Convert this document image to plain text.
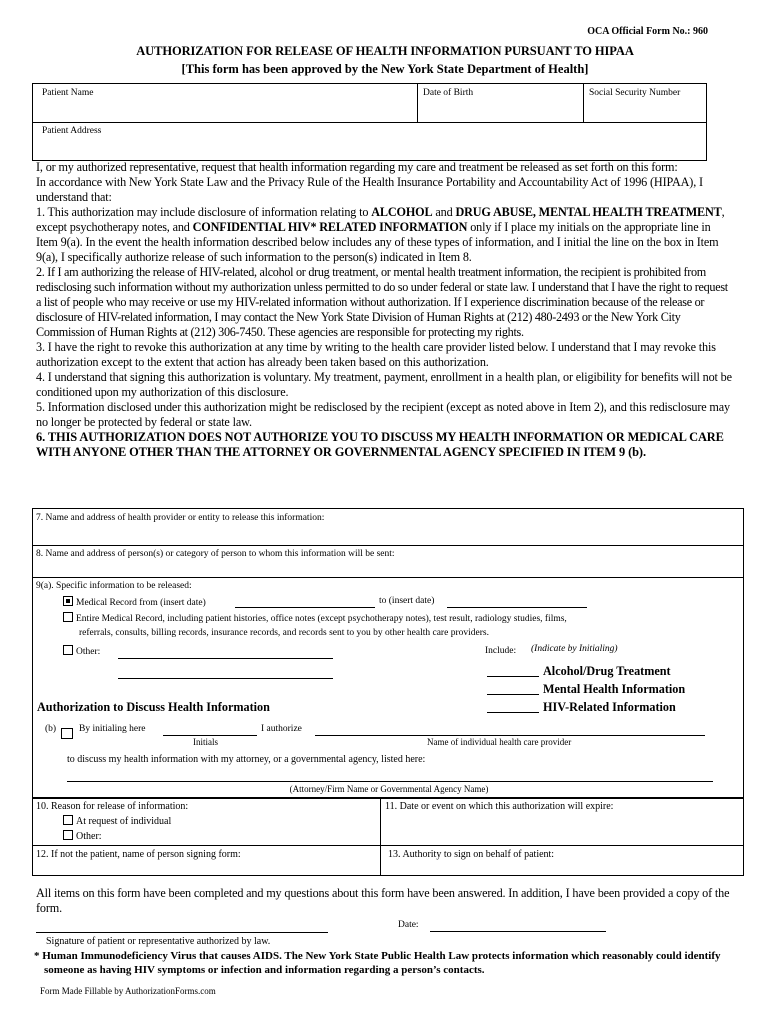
OCA Official Form No.: 960
AUTHORIZATION FOR RELEASE OF HEALTH INFORMATION PURSUANT TO HIPAA
[This form has been approved by the New York State Department of Health]
Patient Name	Date of Birth	Social Security Number
Patient Address

I, or my authorized representative, request that health information regarding my care and treatment be released as set forth on this form:

In accordance with New York State Law and the Privacy Rule of the Health Insurance Portability and Accountability Act of 1996 (HIPAA), I understand that:

1. This authorization may include disclosure of information relating to ALCOHOL and DRUG ABUSE, MENTAL HEALTH TREATMENT, except psychotherapy notes, and CONFIDENTIAL HIV* RELATED INFORMATION only if I place my initials on the appropriate line in Item 9(a). In the event the health information described below includes any of these types of information, and I initial the line on the box in Item 9(a), I specifically authorize release of such information to the person(s) indicated in Item 8.

2. If I am authorizing the release of HIV-related, alcohol or drug treatment, or mental health treatment information, the recipient is prohibited from redisclosing such information without my authorization unless permitted to do so under federal or state law. I understand that I have the right to request a list of people who may receive or use my HIV-related information without authorization. If I experience discrimination because of the release or disclosure of HIV-related information, I may contact the New York State Division of Human Rights at (212) 480-2493 or the New York City Commission of Human Rights at (212) 306-7450. These agencies are responsible for protecting my rights.

3. I have the right to revoke this authorization at any time by writing to the health care provider listed below. I understand that I may revoke this authorization except to the extent that action has already been taken based on this authorization.

4. I understand that signing this authorization is voluntary. My treatment, payment, enrollment in a health plan, or eligibility for benefits will not be conditioned upon my authorization of this disclosure.

5. Information disclosed under this authorization might be redisclosed by the recipient (except as noted above in Item 2), and this redisclosure may no longer be protected by federal or state law.

6. THIS AUTHORIZATION DOES NOT AUTHORIZE YOU TO DISCUSS MY HEALTH INFORMATION OR MEDICAL CARE WITH ANYONE OTHER THAN THE ATTORNEY OR GOVERNMENTAL AGENCY SPECIFIED IN ITEM 9 (b).

7. Name and address of health provider or entity to release this information:
8. Name and address of person(s) or category of person to whom this information will be sent:
9(a). Specific information to be released:
Medical Record from (insert date)	to (insert date)
Entire Medical Record, including patient histories, office notes (except psychotherapy notes), test result, radiology studies, films,
referrals, consults, billing records, insurance records, and records sent to you by other health care providers.
Other:	Include: (Indicate by Initialing)
Alcohol/Drug Treatment
Mental Health Information
HIV-Related Information
Authorization to Discuss Health Information
(b) By initialing here	I authorize
Initials	Name of individual health care provider
to discuss my health information with my attorney, or a governmental agency, listed here:
(Attorney/Firm Name or Governmental Agency Name)
10. Reason for release of information:
At request of individual
Other:
11. Date or event on which this authorization will expire:
12. If not the patient, name of person signing form:	13. Authority to sign on behalf of patient:
All items on this form have been completed and my questions about this form have been answered. In addition, I have been provided a copy of the form.
Date:
Signature of patient or representative authorized by law.
* Human Immunodeficiency Virus that causes AIDS. The New York State Public Health Law protects information which reasonably could identify someone as having HIV symptoms or infection and information regarding a person’s contacts.
Form Made Fillable by AuthorizationForms.com
